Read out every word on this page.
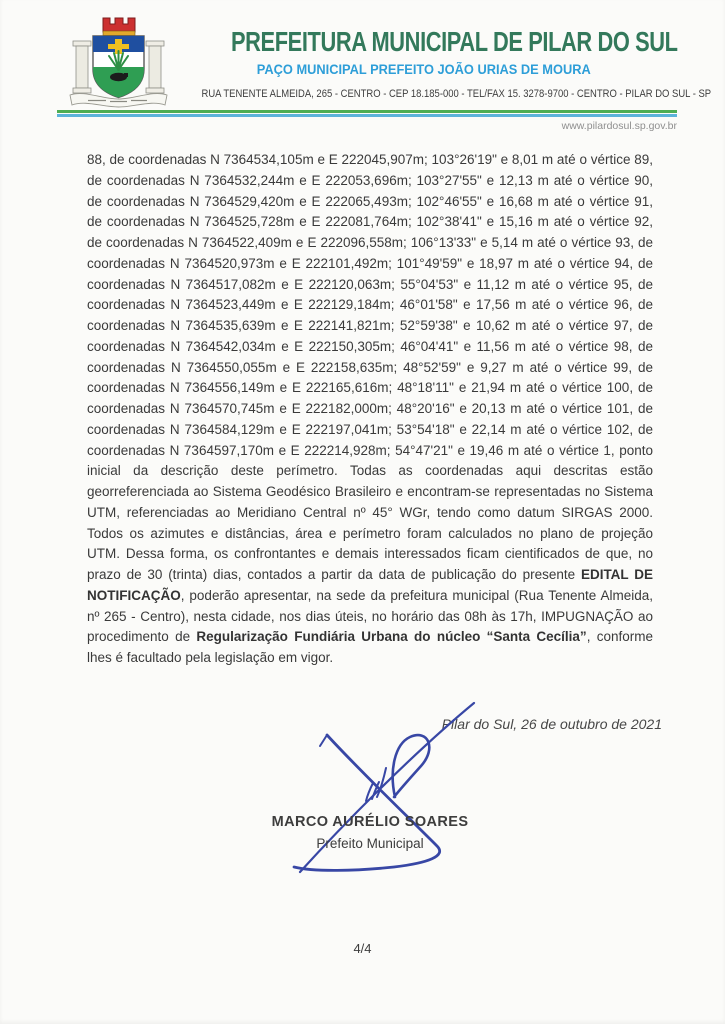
PREFEITURA MUNICIPAL DE PILAR DO SUL
PAÇO MUNICIPAL PREFEITO JOÃO URIAS DE MOURA
RUA TENENTE ALMEIDA, 265 - CENTRO - CEP 18.185-000 - TEL/FAX 15. 3278-9700 - CENTRO - PILAR DO SUL - SP
www.pilardosul.sp.gov.br
88, de coordenadas N 7364534,105m e E 222045,907m; 103°26'19" e 8,01 m até o vértice 89, de coordenadas N 7364532,244m e E 222053,696m; 103°27'55" e 12,13 m até o vértice 90, de coordenadas N 7364529,420m e E 222065,493m; 102°46'55" e 16,68 m até o vértice 91, de coordenadas N 7364525,728m e E 222081,764m; 102°38'41" e 15,16 m até o vértice 92, de coordenadas N 7364522,409m e E 222096,558m; 106°13'33" e 5,14 m até o vértice 93, de coordenadas N 7364520,973m e E 222101,492m; 101°49'59" e 18,97 m até o vértice 94, de coordenadas N 7364517,082m e E 222120,063m; 55°04'53" e 11,12 m até o vértice 95, de coordenadas N 7364523,449m e E 222129,184m; 46°01'58" e 17,56 m até o vértice 96, de coordenadas N 7364535,639m e E 222141,821m; 52°59'38" e 10,62 m até o vértice 97, de coordenadas N 7364542,034m e E 222150,305m; 46°04'41" e 11,56 m até o vértice 98, de coordenadas N 7364550,055m e E 222158,635m; 48°52'59" e 9,27 m até o vértice 99, de coordenadas N 7364556,149m e E 222165,616m; 48°18'11" e 21,94 m até o vértice 100, de coordenadas N 7364570,745m e E 222182,000m; 48°20'16" e 20,13 m até o vértice 101, de coordenadas N 7364584,129m e E 222197,041m; 53°54'18" e 22,14 m até o vértice 102, de coordenadas N 7364597,170m e E 222214,928m; 54°47'21" e 19,46 m até o vértice 1, ponto inicial da descrição deste perímetro. Todas as coordenadas aqui descritas estão georreferenciada ao Sistema Geodésico Brasileiro e encontram-se representadas no Sistema UTM, referenciadas ao Meridiano Central nº 45° WGr, tendo como datum SIRGAS 2000. Todos os azimutes e distâncias, área e perímetro foram calculados no plano de projeção UTM. Dessa forma, os confrontantes e demais interessados ficam cientificados de que, no prazo de 30 (trinta) dias, contados a partir da data de publicação do presente EDITAL DE NOTIFICAÇÃO, poderão apresentar, na sede da prefeitura municipal (Rua Tenente Almeida, nº 265 - Centro), nesta cidade, nos dias úteis, no horário das 08h às 17h, IMPUGNAÇÃO ao procedimento de Regularização Fundiária Urbana do núcleo “Santa Cecília”, conforme lhes é facultado pela legislação em vigor.
Pilar do Sul, 26 de outubro de 2021
MARCO AURÉLIO SOARES
Prefeito Municipal
4/4
